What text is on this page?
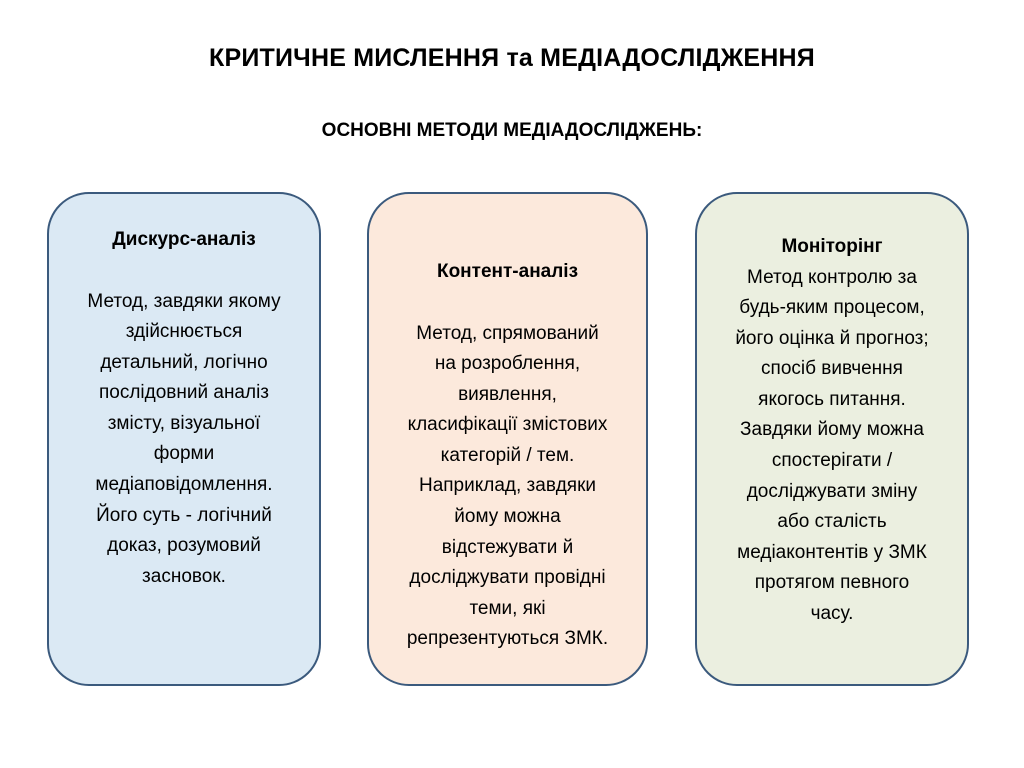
КРИТИЧНЕ МИСЛЕННЯ та МЕДІАДОСЛІДЖЕННЯ
ОСНОВНІ МЕТОДИ МЕДІАДОСЛІДЖЕНЬ:
Дискурс-аналіз
Метод, завдяки якому
здійснюється
детальний, логічно
послідовний аналіз
змісту, візуальної
форми
медіаповідомлення.
Його суть - логічний
доказ, розумовий
засновок.
Контент-аналіз
Метод, спрямований
на розроблення,
виявлення,
класифікації змістових
категорій / тем.
Наприклад, завдяки
йому можна
відстежувати й
досліджувати провідні
теми, які
репрезентуються ЗМК.
Моніторінг
Метод контролю за
будь-яким процесом,
його оцінка й прогноз;
спосіб вивчення
якогось питання.
Завдяки йому можна
спостерігати /
досліджувати зміну
або сталість
медіаконтентів у ЗМК
протягом певного
часу.
